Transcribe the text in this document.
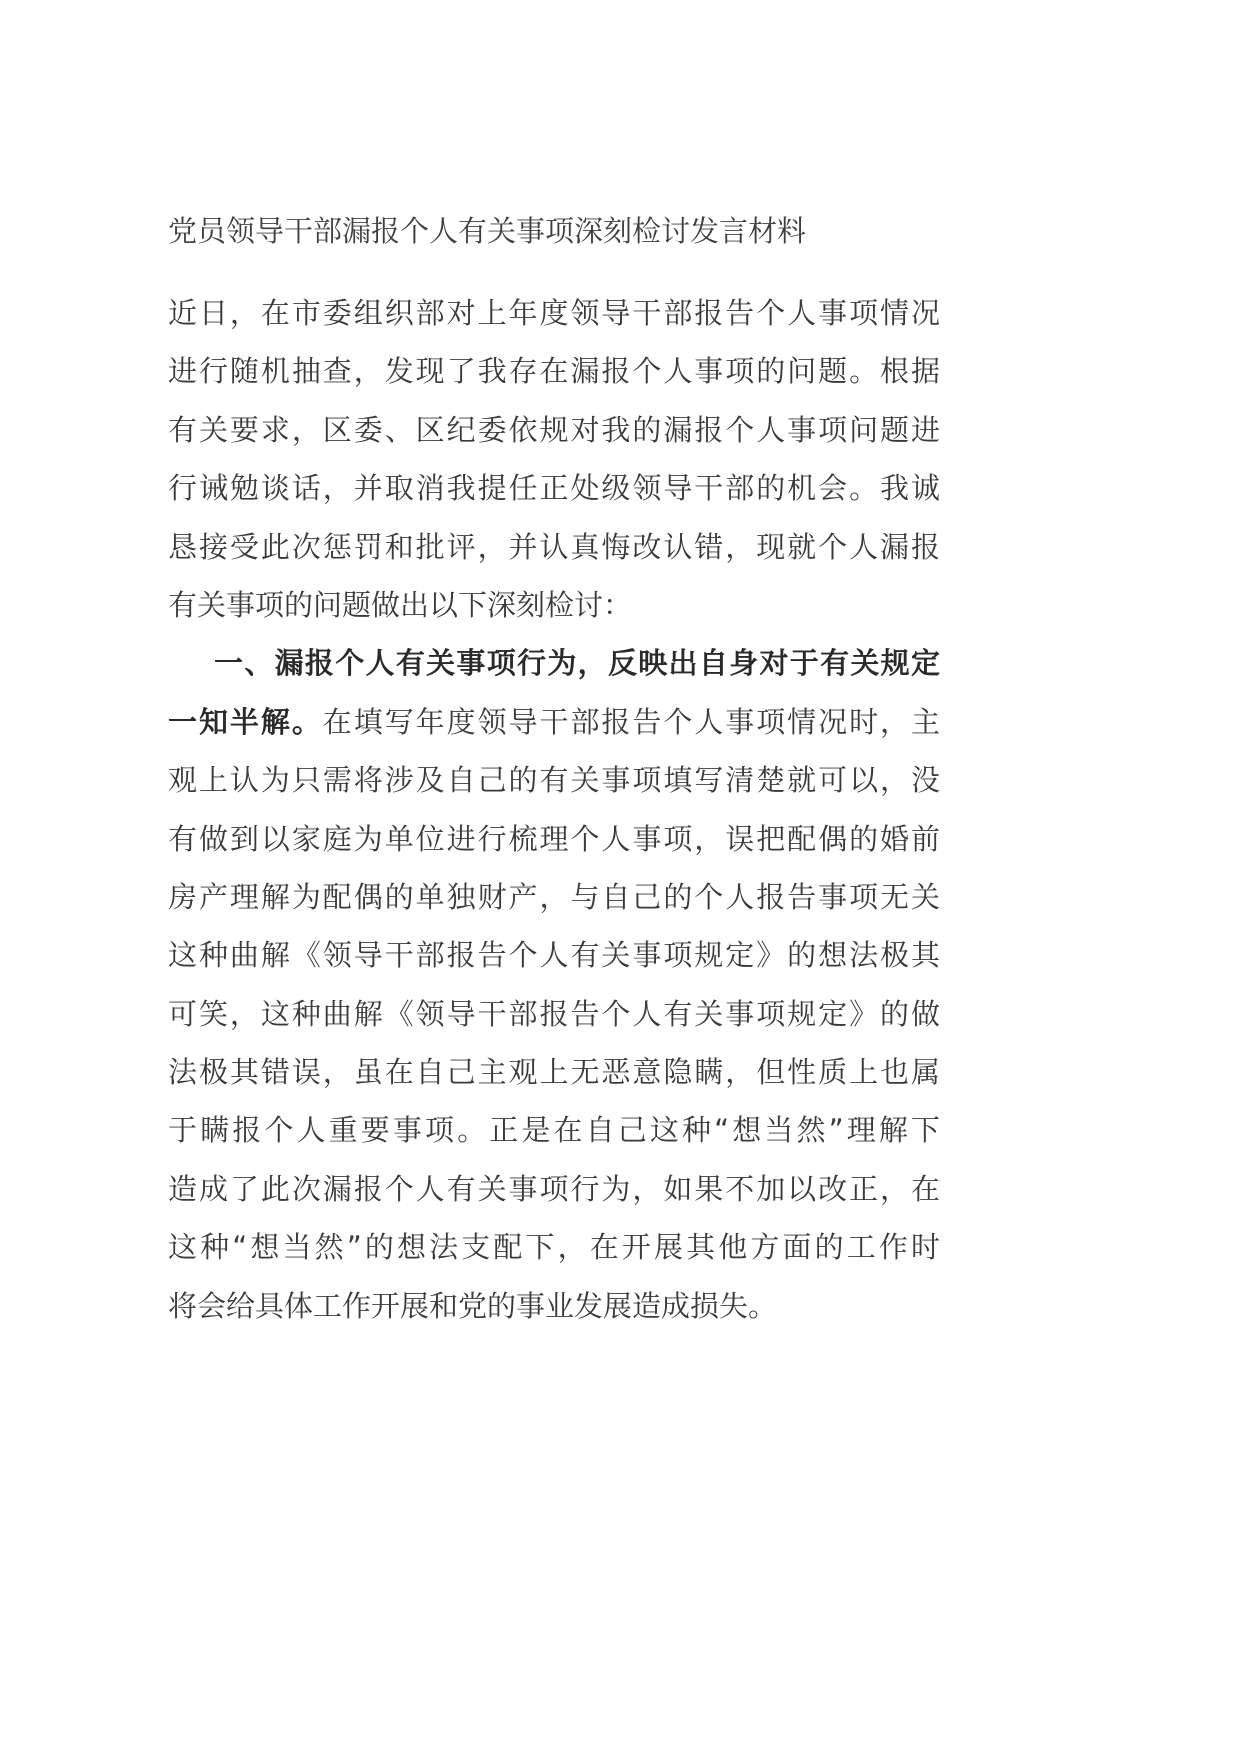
党员领导干部漏报个人有关事项深刻检讨发言材料
近日，在市委组织部对上年度领导干部报告个人事项情况
进行随机抽查，发现了我存在漏报个人事项的问题。根据
有关要求，区委、区纪委依规对我的漏报个人事项问题进
行诫勉谈话，并取消我提任正处级领导干部的机会。我诚
恳接受此次惩罚和批评，并认真悔改认错，现就个人漏报
有关事项的问题做出以下深刻检讨：
一、漏报个人有关事项行为，反映出自身对于有关规定
一知半解。在填写年度领导干部报告个人事项情况时，主
观上认为只需将涉及自己的有关事项填写清楚就可以，没
有做到以家庭为单位进行梳理个人事项，误把配偶的婚前
房产理解为配偶的单独财产，与自己的个人报告事项无关
这种曲解《领导干部报告个人有关事项规定》的想法极其
可笑，这种曲解《领导干部报告个人有关事项规定》的做
法极其错误，虽在自己主观上无恶意隐瞒，但性质上也属
于瞒报个人重要事项。正是在自己这种“想当然”理解下
造成了此次漏报个人有关事项行为，如果不加以改正，在
这种“想当然”的想法支配下，在开展其他方面的工作时
将会给具体工作开展和党的事业发展造成损失。
